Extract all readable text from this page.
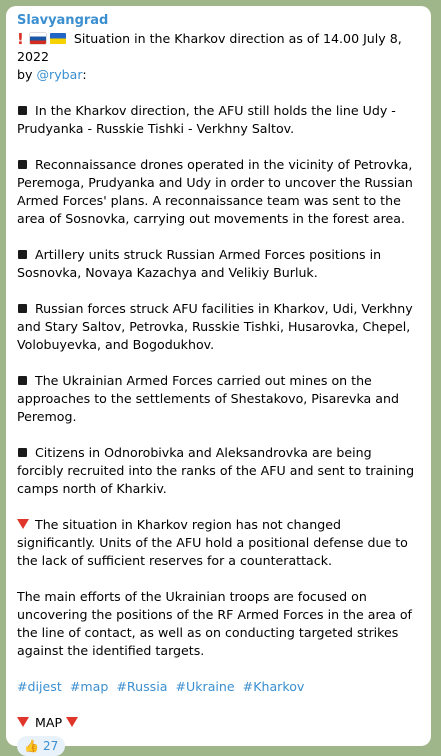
Slavyangrad
!	Situation in the Kharkov direction as of 14.00 July 8, 2022
by @rybar:
In the Kharkov direction, the AFU still holds the line Udy - Prudyanka - Russkie Tishki - Verkhny Saltov.
Reconnaissance drones operated in the vicinity of Petrovka, Peremoga, Prudyanka and Udy in order to uncover the Russian Armed Forces' plans. A reconnaissance team was sent to the area of Sosnovka, carrying out movements in the forest area.
Artillery units struck Russian Armed Forces positions in Sosnovka, Novaya Kazachya and Velikiy Burluk.
Russian forces struck AFU facilities in Kharkov, Udi, Verkhny and Stary Saltov, Petrovka, Russkie Tishki, Husarovka, Chepel, Volobuyevka, and Bogodukhov.
The Ukrainian Armed Forces carried out mines on the approaches to the settlements of Shestakovo, Pisarevka and Peremog.
Citizens in Odnorobivka and Aleksandrovka are being forcibly recruited into the ranks of the AFU and sent to training camps north of Kharkiv.
The situation in Kharkov region has not changed significantly. Units of the AFU hold a positional defense due to the lack of sufficient reserves for a counterattack.
The main efforts of the Ukrainian troops are focused on uncovering the positions of the RF Armed Forces in the area of the line of contact, as well as on conducting targeted strikes against the identified targets.
#dijest #map #Russia #Ukraine #Kharkov
MAP
👍 27
